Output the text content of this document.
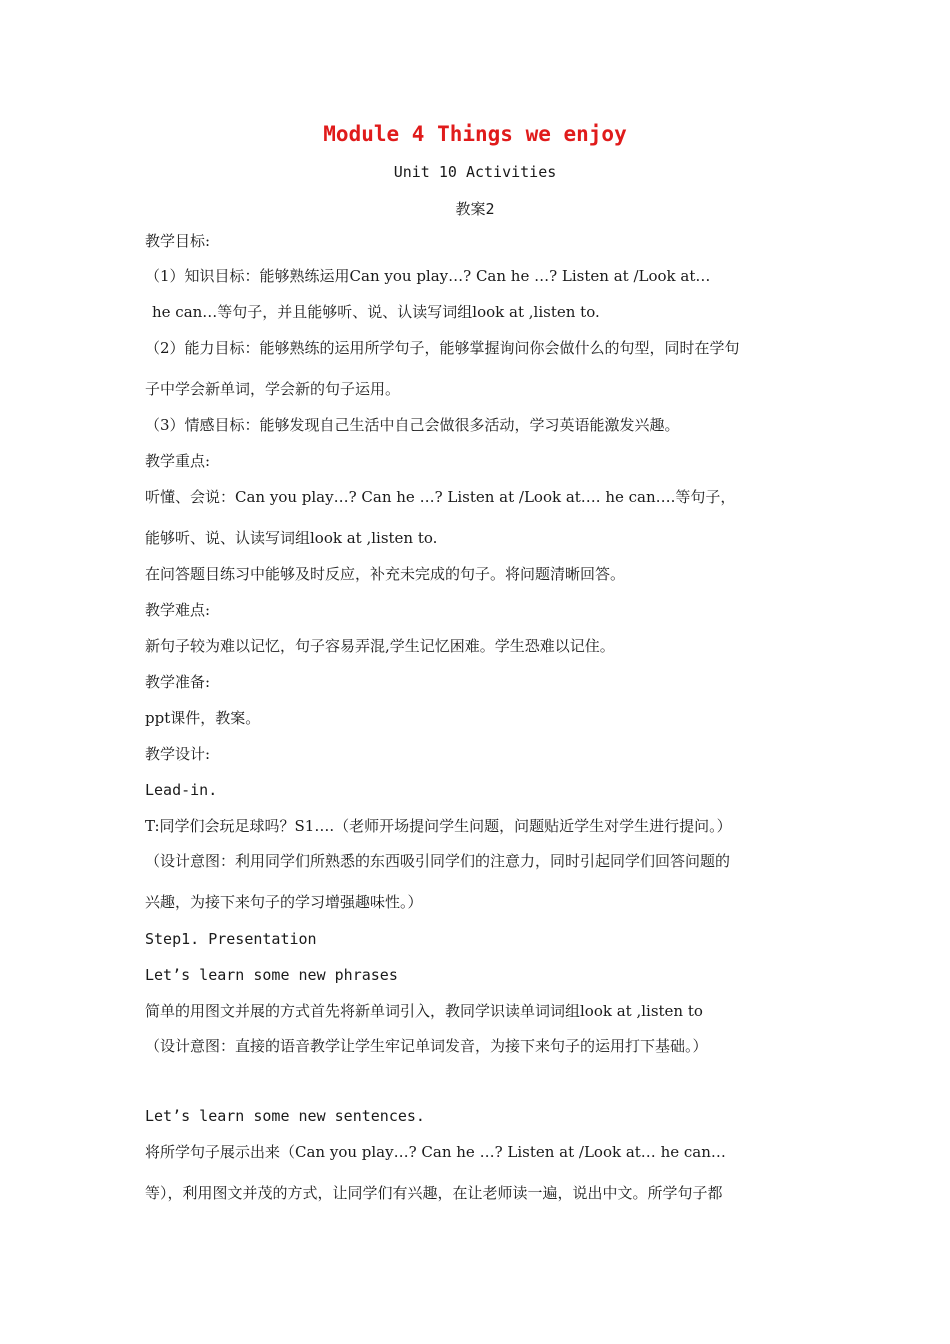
Module 4 Things we enjoy
Unit 10 Activities
教案2
教学目标:
（1）知识目标：能够熟练运用Can you play…? Can he …? Listen at /Look at…
he can…等句子，并且能够听、说、认读写词组look at ,listen to.
（2）能力目标：能够熟练的运用所学句子，能够掌握询问你会做什么的句型，同时在学句
子中学会新单词，学会新的句子运用。
（3）情感目标：能够发现自己生活中自己会做很多活动，学习英语能激发兴趣。
教学重点:
听懂、会说：Can you play…? Can he …? Listen at /Look at…. he can….等句子，
能够听、说、认读写词组look at ,listen to.
在问答题目练习中能够及时反应，补充未完成的句子。将问题清晰回答。
教学难点:
新句子较为难以记忆，句子容易弄混,学生记忆困难。学生恐难以记住。
教学准备:
ppt课件，教案。
教学设计:
Lead-in.
T:同学们会玩足球吗？S1….（老师开场提问学生问题，问题贴近学生对学生进行提问。）
（设计意图：利用同学们所熟悉的东西吸引同学们的注意力，同时引起同学们回答问题的
兴趣，为接下来句子的学习增强趣味性。）
Step1. Presentation
Let’s learn some new phrases
简单的用图文并展的方式首先将新单词引入，教同学识读单词词组look at ,listen to
（设计意图：直接的语音教学让学生牢记单词发音，为接下来句子的运用打下基础。）
Let’s learn some new sentences.
将所学句子展示出来（Can you play…? Can he …? Listen at /Look at… he can…
等），利用图文并茂的方式，让同学们有兴趣，在让老师读一遍，说出中文。所学句子都
